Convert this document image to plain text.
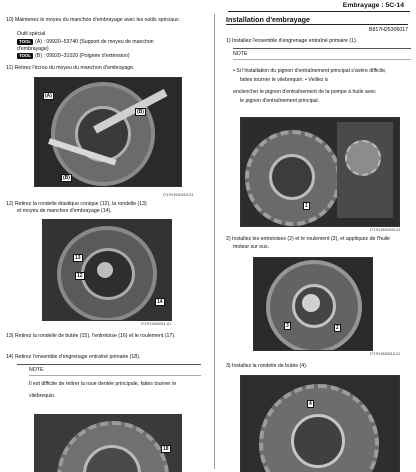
Embrayage : 5C-14
10) Maintenez le moyeu du manchon d'embrayage avec les outils spéciaux.
Outil spécial
TOOL (A) : 09920–53740 (Support de moyeu de manchon
d'embrayage)
TOOL (B) : 09920–31020 (Poignée d'extension)
11) Retirez l'écrou du moyeu du manchon d'embrayage.
(A)
(B)
(B)
I717H1530010-01
12) Retirez la rondelle élastique conique (12), la rondelle (13)
et moyeu de manchon d'embrayage (14).
13
12
14
I717H1530011-01
13) Retirez la rondelle de butée (15), l'entretoise (16) et le roulement (17).
14) Retirez l'ensemble d'engrenage entraîné primaire (18).
NOTE
Il est difficile de retirer la roue dentée principale, faites tourner le
vilebrequin.
18
Installation d'embrayage
B817H25306017
1) Installez l'ensemble d'engrenage entraîné primaire (1).
NOTE
• Si l'installation du pignon d'entraînement principal s'avère difficile,
faites tourner le vilebrequin. • Veillez à
enclencher le pignon d'entraînement de la pompe à huile avec
le pignon d'entraînement principal.
1
I717H1530043-01
2) Installez les entretoises (2) et le roulement (3), et appliquez de l'huile
moteur sur eux.
3	2
I717H1530013-01
3) Installez la rondelle de butée (4).
4
